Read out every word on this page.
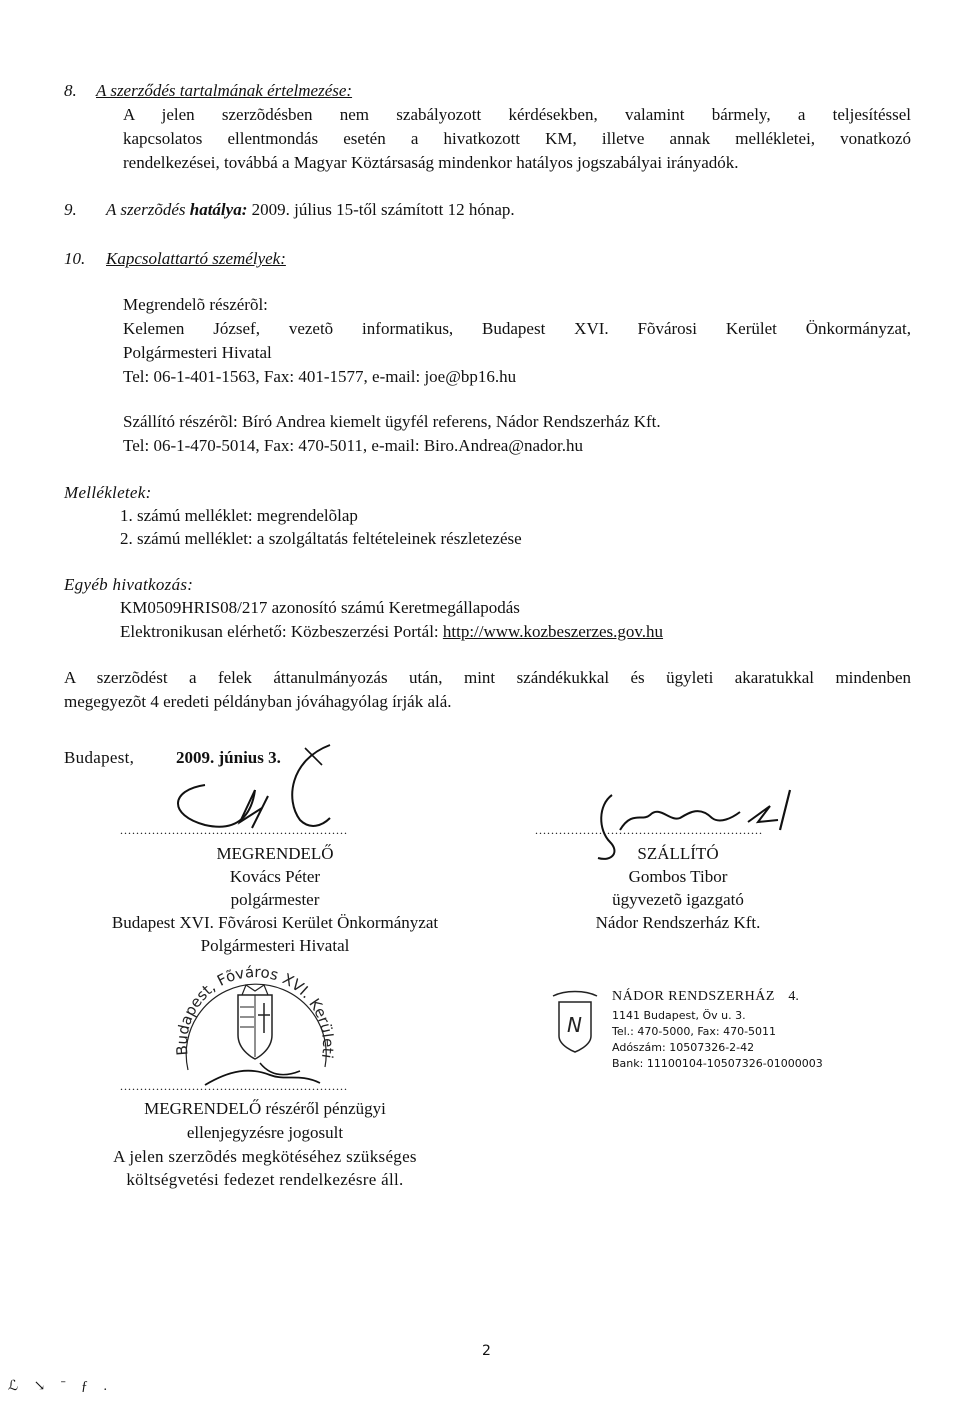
8. A szerződés tartalmának értelmezése:
A jelen szerzõdésben nem szabályozott kérdésekben, valamint bármely, a teljesítéssel
kapcsolatos ellentmondás esetén a hivatkozott KM, illetve annak mellékletei, vonatkozó
rendelkezései, továbbá a Magyar Köztársaság mindenkor hatályos jogszabályai irányadók.
9. A szerzõdés hatálya: 2009. július 15-től számított 12 hónap.
10. Kapcsolattartó személyek:
Megrendelõ részérõl:
Kelemen József, vezetõ informatikus, Budapest XVI. Fõvárosi Kerület Önkormányzat,
Polgármesteri Hivatal
Tel: 06-1-401-1563, Fax: 401-1577, e-mail: joe@bp16.hu
Szállító részérõl: Bíró Andrea kiemelt ügyfél referens, Nádor Rendszerház Kft.
Tel: 06-1-470-5014, Fax: 470-5011, e-mail: Biro.Andrea@nador.hu
Mellékletek:
1. számú melléklet: megrendelõlap
2. számú melléklet: a szolgáltatás feltételeinek részletezése
Egyéb hivatkozás:
KM0509HRIS08/217 azonosító számú Keretmegállapodás
Elektronikusan elérhető: Közbeszerzési Portál: http://www.kozbeszerzes.gov.hu
A szerzõdést a felek áttanulmányozás után, mint szándékukkal és ügyleti akaratukkal mindenben
megegyezõt 4 eredeti példányban jóváhagyólag írják alá.
Budapest, 2009. június 3.
.........................................................	.........................................................
MEGRENDELŐ
Kovács Péter
polgármester
Budapest XVI. Fõvárosi Kerület Önkormányzat
Polgármesteri Hivatal
SZÁLLÍTÓ
Gombos Tibor
ügyvezetõ igazgató
Nádor Rendszerház Kft.
Budapest, Fõváros XVI. Kerületi Önkormányzat
N
NÁDOR RENDSZERHÁZ 4.
1141 Budapest, Öv u. 3.
Tel.: 470-5000, Fax: 470-5011
Adószám: 10507326-2-42
Bank: 11100104-10507326-01000003
.........................................................
MEGRENDELŐ részéről pénzügyi
ellenjegyzésre jogosult
A jelen szerzõdés megkötéséhez szükséges
költségvetési fedezet rendelkezésre áll.
2
ℒ ↘ ˉ ƒ .
